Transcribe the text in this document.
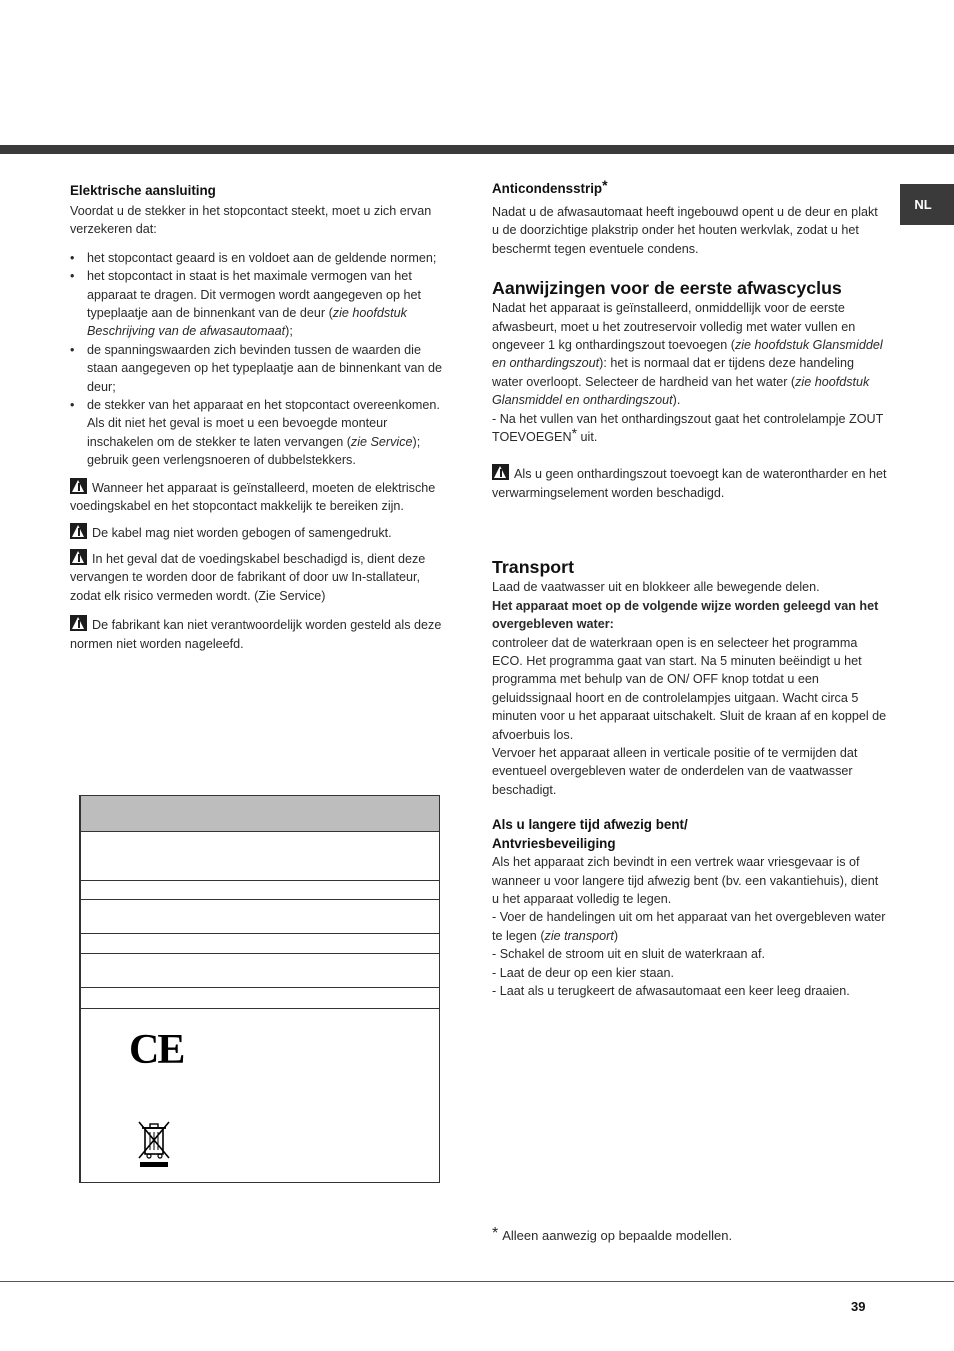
NL
Elektrische aansluiting

Voordat u de stekker in het stopcontact steekt, moet u zich ervan verzekeren dat:

• het stopcontact geaard is en voldoet aan de geldende normen;
• het stopcontact in staat is het maximale vermogen van het apparaat te dragen. Dit vermogen wordt aangegeven op het typeplaatje aan de binnenkant van de deur (zie hoofdstuk Beschrijving van de afwasautomaat);
• de spanningswaarden zich bevinden tussen de waarden die staan aangegeven op het typeplaatje aan de binnenkant van de deur;
• de stekker van het apparaat en het stopcontact overeenkomen. Als dit niet het geval is moet u een bevoegde monteur inschakelen om de stekker te laten vervangen (zie Service); gebruik geen verlengsnoeren of dubbelstekkers.

Wanneer het apparaat is geïnstalleerd, moeten de elektrische voedingskabel en het stopcontact makkelijk te bereiken zijn.

De kabel mag niet worden gebogen of samengedrukt.

In het geval dat de voedingskabel beschadigd is, dient deze vervangen te worden door de fabrikant of door uw In-stallateur, zodat elk risico vermeden wordt. (Zie Service)

De fabrikant kan niet verantwoordelijk worden gesteld als deze normen niet worden nageleefd.

CE
Anticondensstrip*

Nadat u de afwasautomaat heeft ingebouwd opent u de deur en plakt u de doorzichtige plakstrip onder het houten werkvlak, zodat u het beschermt tegen eventuele condens.

Aanwijzingen voor de eerste afwascyclus

Nadat het apparaat is geïnstalleerd, onmiddellijk voor de eerste afwasbeurt, moet u het zoutreservoir volledig met water vullen en ongeveer 1 kg onthardingszout toevoegen (zie hoofdstuk Glansmiddel en onthardingszout): het is normaal dat er tijdens deze handeling water overloopt. Selecteer de hardheid van het water (zie hoofdstuk Glansmiddel en onthardingszout).

- Na het vullen van het onthardingszout gaat het controlelampje ZOUT TOEVOEGEN* uit.

Als u geen onthardingszout toevoegt kan de waterontharder en het verwarmingselement worden beschadigd.

Transport

Laad de vaatwasser uit en blokkeer alle bewegende delen.

Het apparaat moet op de volgende wijze worden geleegd van het overgebleven water:

controleer dat de waterkraan open is en selecteer het programma ECO. Het programma gaat van start. Na 5 minuten beëindigt u het programma met behulp van de ON/ OFF knop totdat u een geluidssignaal hoort en de controlelampjes uitgaan. Wacht circa 5 minuten voor u het apparaat uitschakelt. Sluit de kraan af en koppel de afvoerbuis los.

Vervoer het apparaat alleen in verticale positie of te vermijden dat eventueel overgebleven water de onderdelen van de vaatwasser beschadigt.

Als u langere tijd afwezig bent/
Antvriesbeveiliging

Als het apparaat zich bevindt in een vertrek waar vriesgevaar is of wanneer u voor langere tijd afwezig bent (bv. een vakantiehuis), dient u het apparaat volledig te legen.

- Voer de handelingen uit om het apparaat van het overgebleven water te legen (zie transport)

- Schakel de stroom uit en sluit de waterkraan af.

- Laat de deur op een kier staan.

- Laat als u terugkeert de afwasautomaat een keer leeg draaien.

* Alleen aanwezig op bepaalde modellen.
39
